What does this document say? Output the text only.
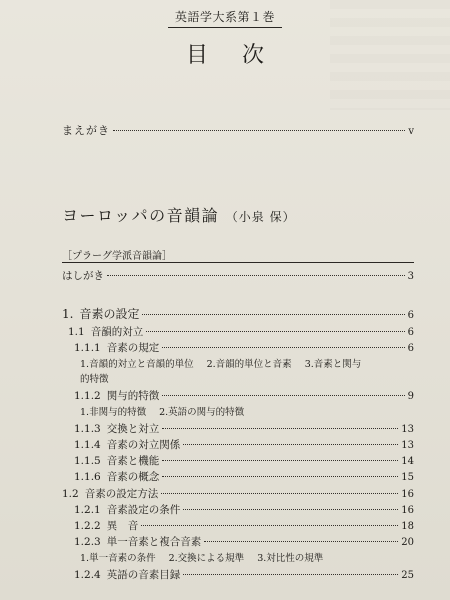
英語学大系第１巻
目次
まえがき	v
ヨーロッパの音韻論 （小泉 保）
［プラーグ学派音韻論］
はしがき	3
1. 音素の設定	6
1.1 音韻的対立	6
1.1.1 音素の規定	6
1.音韻的対立と音韻的単位 2.音韻的単位と音素 3.音素と関与
的特徴
1.1.2 関与的特徴	9
1.非関与的特徴 2.英語の関与的特徴
1.1.3 交換と対立	13
1.1.4 音素の対立関係	13
1.1.5 音素と機能	14
1.1.6 音素の概念	15
1.2 音素の設定方法	16
1.2.1 音素設定の条件	16
1.2.2 異　音	18
1.2.3 単一音素と複合音素	20
1.単一音素の条件 2.交換による規準 3.対比性の規準
1.2.4 英語の音素目録	25
